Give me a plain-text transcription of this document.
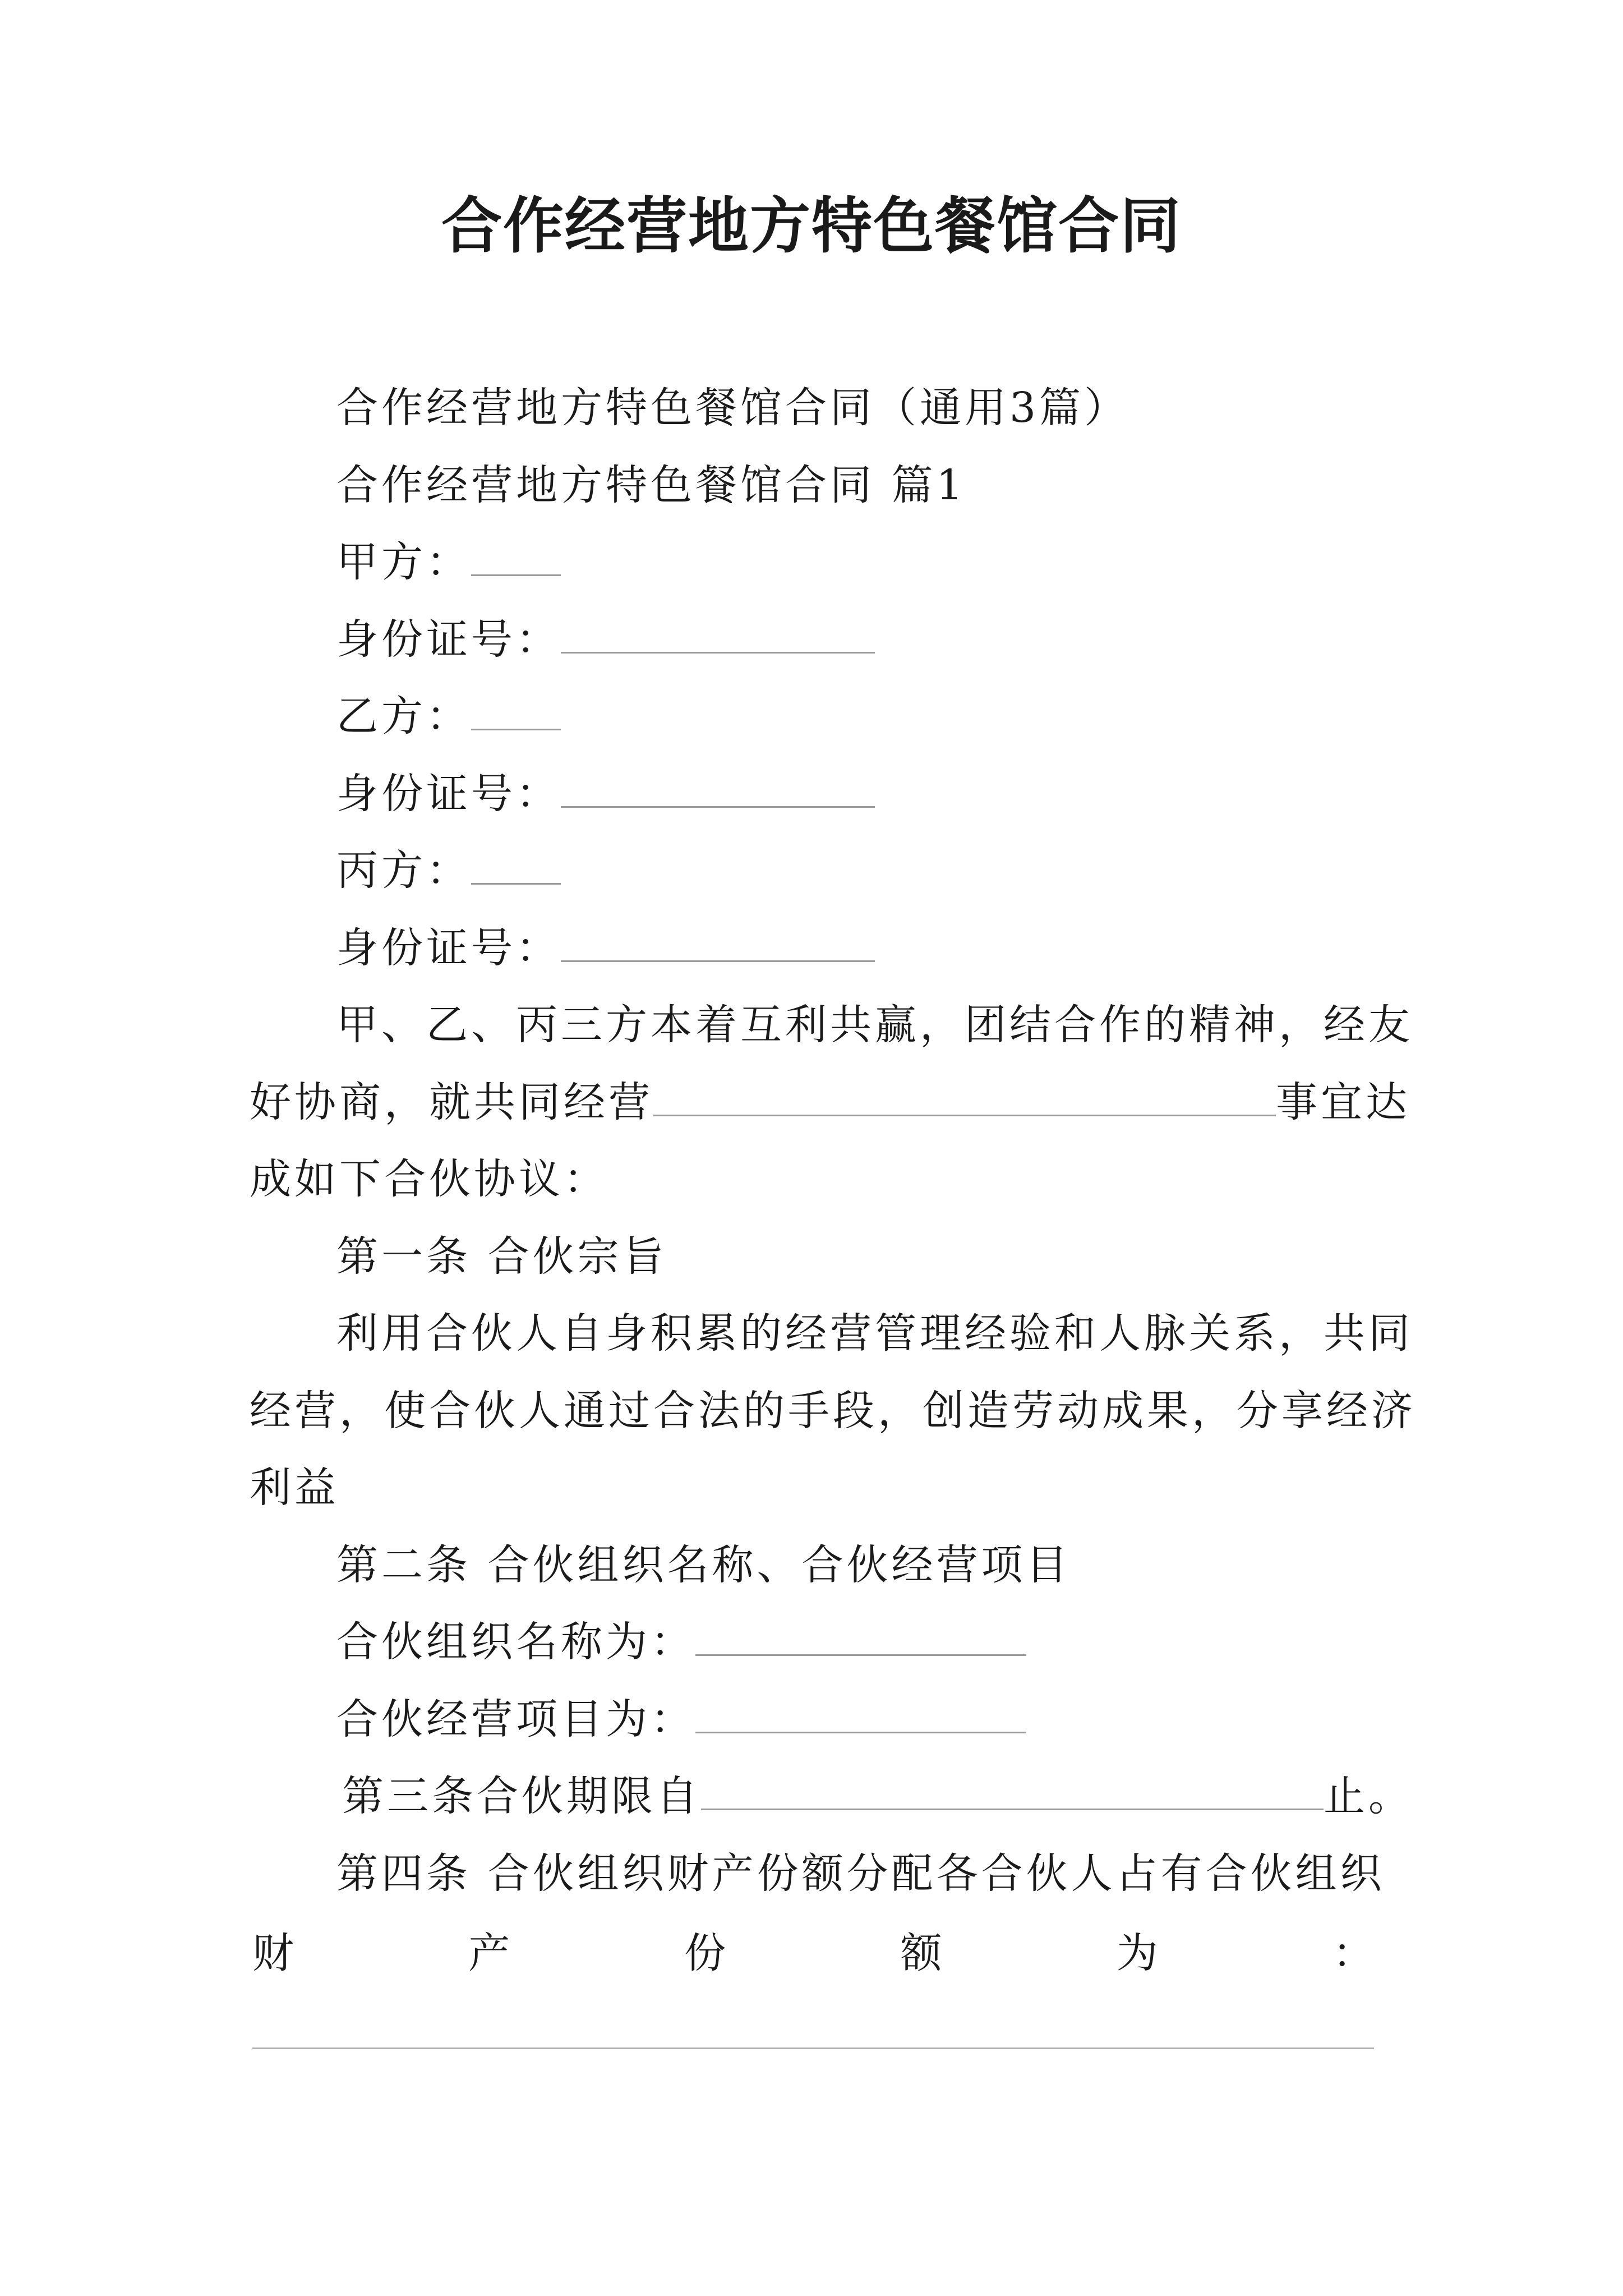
合作经营地方特色餐馆合同
合作经营地方特色餐馆合同（通用3篇）
合作经营地方特色餐馆合同 篇1
甲方：
身份证号：
乙方：
身份证号：
丙方：
身份证号：
甲、乙、丙三方本着互利共赢，团结合作的精神，经友
好协商，就共同经营	事宜达
成如下合伙协议：
第一条 合伙宗旨
利用合伙人自身积累的经营管理经验和人脉关系，共同
经营，使合伙人通过合法的手段，创造劳动成果，分享经济
利益
第二条 合伙组织名称、合伙经营项目
合伙组织名称为：
合伙经营项目为：
第三条合伙期限自	止。
第四条 合伙组织财产份额分配各合伙人占有合伙组织
财	产	份	额	为	：
